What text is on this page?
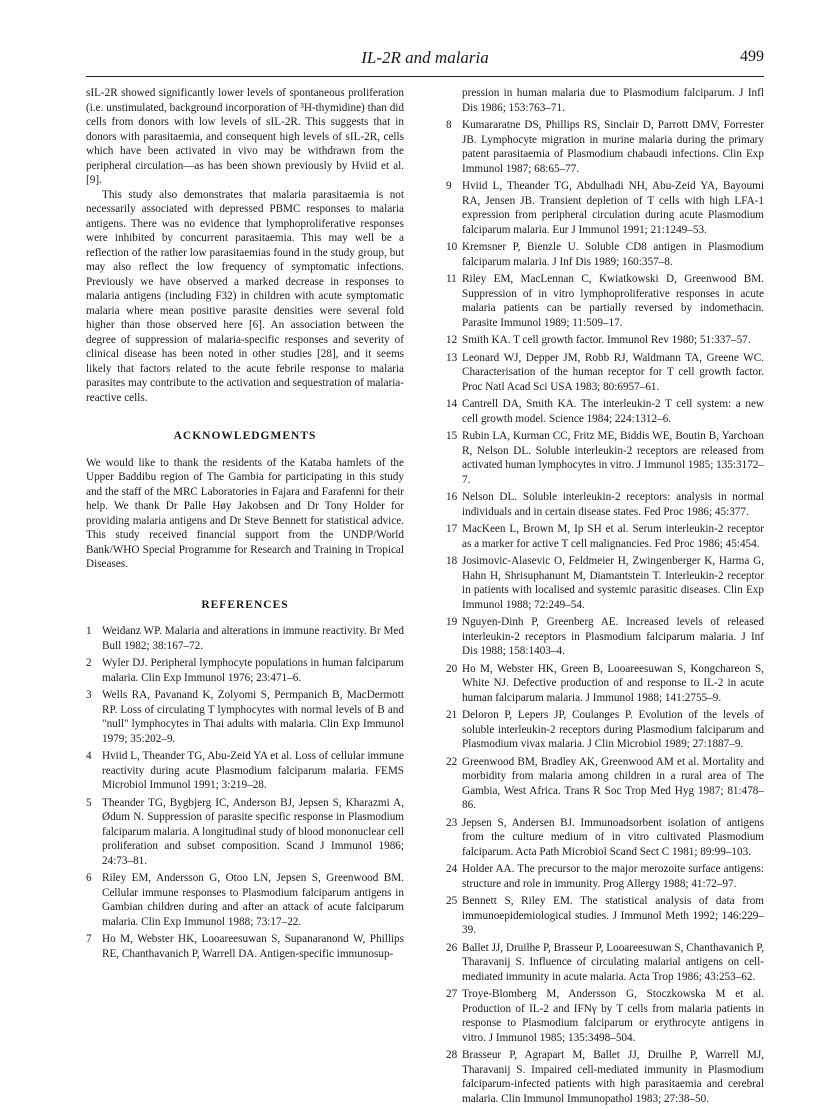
IL-2R and malaria	499

sIL-2R showed significantly lower levels of spontaneous proliferation (i.e. unstimulated, background incorporation of ³H-thymidine) than did cells from donors with low levels of sIL-2R. This suggests that in donors with parasitaemia, and consequent high levels of sIL-2R, cells which have been activated in vivo may be withdrawn from the peripheral circulation—as has been shown previously by Hviid et al. [9].

This study also demonstrates that malaria parasitaemia is not necessarily associated with depressed PBMC responses to malaria antigens. There was no evidence that lymphoproliferative responses were inhibited by concurrent parasitaemia. This may well be a reflection of the rather low parasitaemias found in the study group, but may also reflect the low frequency of symptomatic infections. Previously we have observed a marked decrease in responses to malaria antigens (including F32) in children with acute symptomatic malaria where mean positive parasite densities were several fold higher than those observed here [6]. An association between the degree of suppression of malaria-specific responses and severity of clinical disease has been noted in other studies [28], and it seems likely that factors related to the acute febrile response to malaria parasites may contribute to the activation and sequestration of malaria-reactive cells.

ACKNOWLEDGMENTS

We would like to thank the residents of the Kataba hamlets of the Upper Baddibu region of The Gambia for participating in this study and the staff of the MRC Laboratories in Fajara and Farafenni for their help. We thank Dr Palle Høy Jakobsen and Dr Tony Holder for providing malaria antigens and Dr Steve Bennett for statistical advice. This study received financial support from the UNDP/World Bank/WHO Special Programme for Research and Training in Tropical Diseases.

REFERENCES
1 Weidanz WP. Malaria and alterations in immune reactivity. Br Med Bull 1982; 38:167–72.
2 Wyler DJ. Peripheral lymphocyte populations in human falciparum malaria. Clin Exp Immunol 1976; 23:471–6.
3 Wells RA, Pavanand K, Zolyomi S, Permpanich B, MacDermott RP. Loss of circulating T lymphocytes with normal levels of B and "null" lymphocytes in Thai adults with malaria. Clin Exp Immunol 1979; 35:202–9.
4 Hviid L, Theander TG, Abu-Zeid YA et al. Loss of cellular immune reactivity during acute Plasmodium falciparum malaria. FEMS Microbiol Immunol 1991; 3:219–28.
5 Theander TG, Bygbjerg IC, Anderson BJ, Jepsen S, Kharazmi A, Ødum N. Suppression of parasite specific response in Plasmodium falciparum malaria. A longitudinal study of blood mononuclear cell proliferation and subset composition. Scand J Immunol 1986; 24:73–81.
6 Riley EM, Andersson G, Otoo LN, Jepsen S, Greenwood BM. Cellular immune responses to Plasmodium falciparum antigens in Gambian children during and after an attack of acute falciparum malaria. Clin Exp Immunol 1988; 73:17–22.
7 Ho M, Webster HK, Looareesuwan S, Supanaranond W, Phillips RE, Chanthavanich P, Warrell DA. Antigen-specific immunosup-
pression in human malaria due to Plasmodium falciparum. J Infl Dis 1986; 153:763–71.
8 Kumararatne DS, Phillips RS, Sinclair D, Parrott DMV, Forrester JB. Lymphocyte migration in murine malaria during the primary patent parasitaemia of Plasmodium chabaudi infections. Clin Exp Immunol 1987; 68:65–77.
9 Hviid L, Theander TG, Abdulhadi NH, Abu-Zeid YA, Bayoumi RA, Jensen JB. Transient depletion of T cells with high LFA-1 expression from peripheral circulation during acute Plasmodium falciparum malaria. Eur J Immunol 1991; 21:1249–53.
10 Kremsner P, Bienzle U. Soluble CD8 antigen in Plasmodium falciparum malaria. J Inf Dis 1989; 160:357–8.
11 Riley EM, MacLennan C, Kwiatkowski D, Greenwood BM. Suppression of in vitro lymphoproliferative responses in acute malaria patients can be partially reversed by indomethacin. Parasite Immunol 1989; 11:509–17.
12 Smith KA. T cell growth factor. Immunol Rev 1980; 51:337–57.
13 Leonard WJ, Depper JM, Robb RJ, Waldmann TA, Greene WC. Characterisation of the human receptor for T cell growth factor. Proc Natl Acad Sci USA 1983; 80:6957–61.
14 Cantrell DA, Smith KA. The interleukin-2 T cell system: a new cell growth model. Science 1984; 224:1312–6.
15 Rubin LA, Kurman CC, Fritz ME, Biddis WE, Boutin B, Yarchoan R, Nelson DL. Soluble interleukin-2 receptors are released from activated human lymphocytes in vitro. J Immunol 1985; 135:3172–7.
16 Nelson DL. Soluble interleukin-2 receptors: analysis in normal individuals and in certain disease states. Fed Proc 1986; 45:377.
17 MacKeen L, Brown M, Ip SH et al. Serum interleukin-2 receptor as a marker for active T cell malignancies. Fed Proc 1986; 45:454.
18 Josimovic-Alasevic O, Feldmeier H, Zwingenberger K, Harma G, Hahn H, Shrisuphanunt M, Diamantstein T. Interleukin-2 receptor in patients with localised and systemic parasitic diseases. Clin Exp Immunol 1988; 72:249–54.
19 Nguyen-Dinh P, Greenberg AE. Increased levels of released interleukin-2 receptors in Plasmodium falciparum malaria. J Inf Dis 1988; 158:1403–4.
20 Ho M, Webster HK, Green B, Looareesuwan S, Kongchareon S, White NJ. Defective production of and response to IL-2 in acute human falciparum malaria. J Immunol 1988; 141:2755–9.
21 Deloron P, Lepers JP, Coulanges P. Evolution of the levels of soluble interleukin-2 receptors during Plasmodium falciparum and Plasmodium vivax malaria. J Clin Microbiol 1989; 27:1887–9.
22 Greenwood BM, Bradley AK, Greenwood AM et al. Mortality and morbidity from malaria among children in a rural area of The Gambia, West Africa. Trans R Soc Trop Med Hyg 1987; 81:478–86.
23 Jepsen S, Andersen BJ. Immunoadsorbent isolation of antigens from the culture medium of in vitro cultivated Plasmodium falciparum. Acta Path Microbiol Scand Sect C 1981; 89:99–103.
24 Holder AA. The precursor to the major merozoite surface antigens: structure and role in immunity. Prog Allergy 1988; 41:72–97.
25 Bennett S, Riley EM. The statistical analysis of data from immunoepidemiological studies. J Immunol Meth 1992; 146:229–39.
26 Ballet JJ, Druilhe P, Brasseur P, Looareesuwan S, Chanthavanich P, Tharavanij S. Influence of circulating malarial antigens on cell-mediated immunity in acute malaria. Acta Trop 1986; 43:253–62.
27 Troye-Blomberg M, Andersson G, Stoczkowska M et al. Production of IL-2 and IFNγ by T cells from malaria patients in response to Plasmodium falciparum or erythrocyte antigens in vitro. J Immunol 1985; 135:3498–504.
28 Brasseur P, Agrapart M, Ballet JJ, Druilhe P, Warrell MJ, Tharavanij S. Impaired cell-mediated immunity in Plasmodium falciparum-infected patients with high parasitaemia and cerebral malaria. Clin Immunol Immunopathol 1983; 27:38–50.
